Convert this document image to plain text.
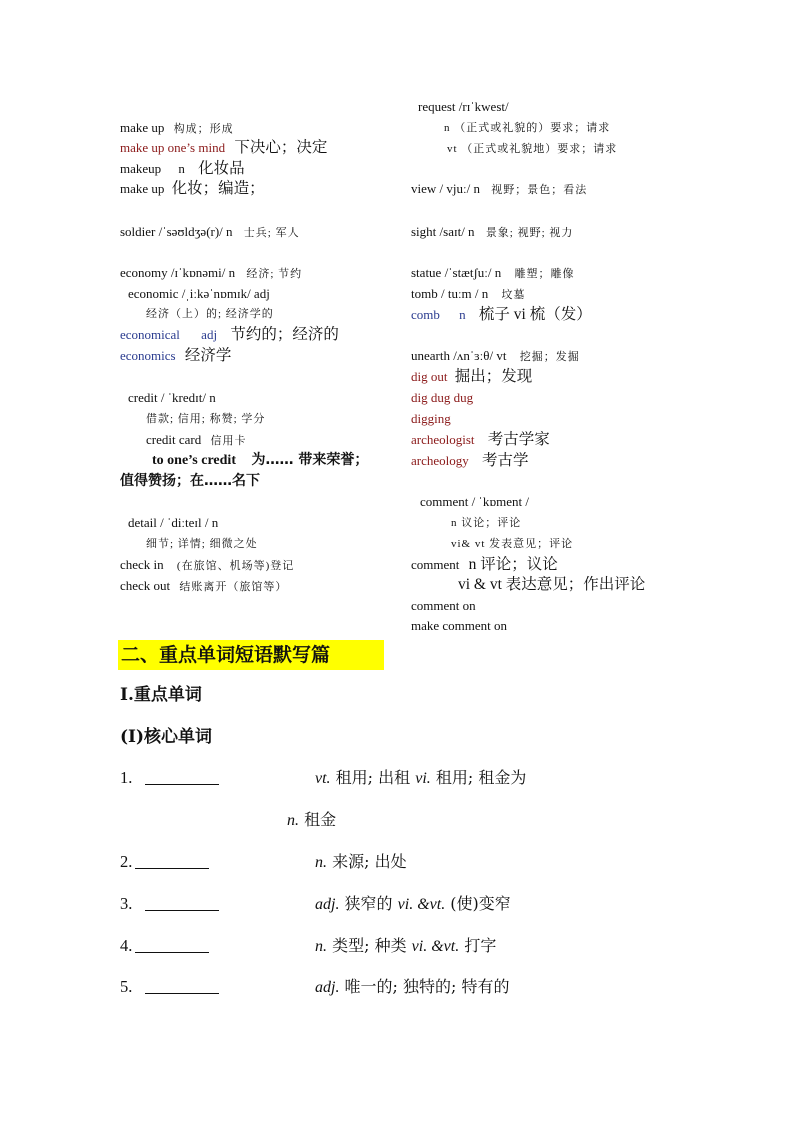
make up 构成；形成
make up one’s mind 下决心；决定
makeup n 化妆品
make up 化妆；编造；
soldier /ˈsəʊldʒə(r)/ n 士兵; 军人
economy /ɪˈkɒnəmi/ n 经济; 节约
economic /ˌiːkəˈnɒmɪk/ adj
经济（上）的; 经济学的
economical adj 节约的；经济的
economics 经济学
credit / ˈkredɪt/ n
借款; 信用; 称赞; 学分
credit card 信用卡
to one’s credit 为…… 带来荣誉；
值得赞扬；在……名下
detail / ˈdiːteɪl / n
细节; 详情; 细微之处
check in (在旅馆、机场等)登记
check out 结账离开（旅馆等）
request /rɪˈkwest/
n （正式或礼貌的）要求；请求
vt （正式或礼貌地）要求；请求
view / vjuː/ n 视野；景色；看法
sight /saɪt/ n 景象; 视野; 视力
statue /ˈstætʃuː/ n 雕塑；雕像
tomb / tuːm / n 坟墓
comb n 梳子 vi 梳（发）
unearth /ʌnˈɜːθ/ vt 挖掘；发掘
dig out 掘出；发现
dig dug dug
digging
archeologist 考古学家
archeology 考古学
comment / ˈkɒment /
n 议论；评论
vi& vt 发表意见；评论
comment n 评论；议论
vi & vt 表达意见；作出评论
comment on
make comment on
二、重点单词短语默写篇
I.重点单词
(I)核心单词
1.	vt. 租用; 出租 vi. 租用; 租金为
n. 租金
2.	n. 来源; 出处
3.	adj. 狭窄的 vi. &vt. (使)变窄
4.	n. 类型; 种类 vi. &vt. 打字
5.	adj. 唯一的; 独特的; 特有的
